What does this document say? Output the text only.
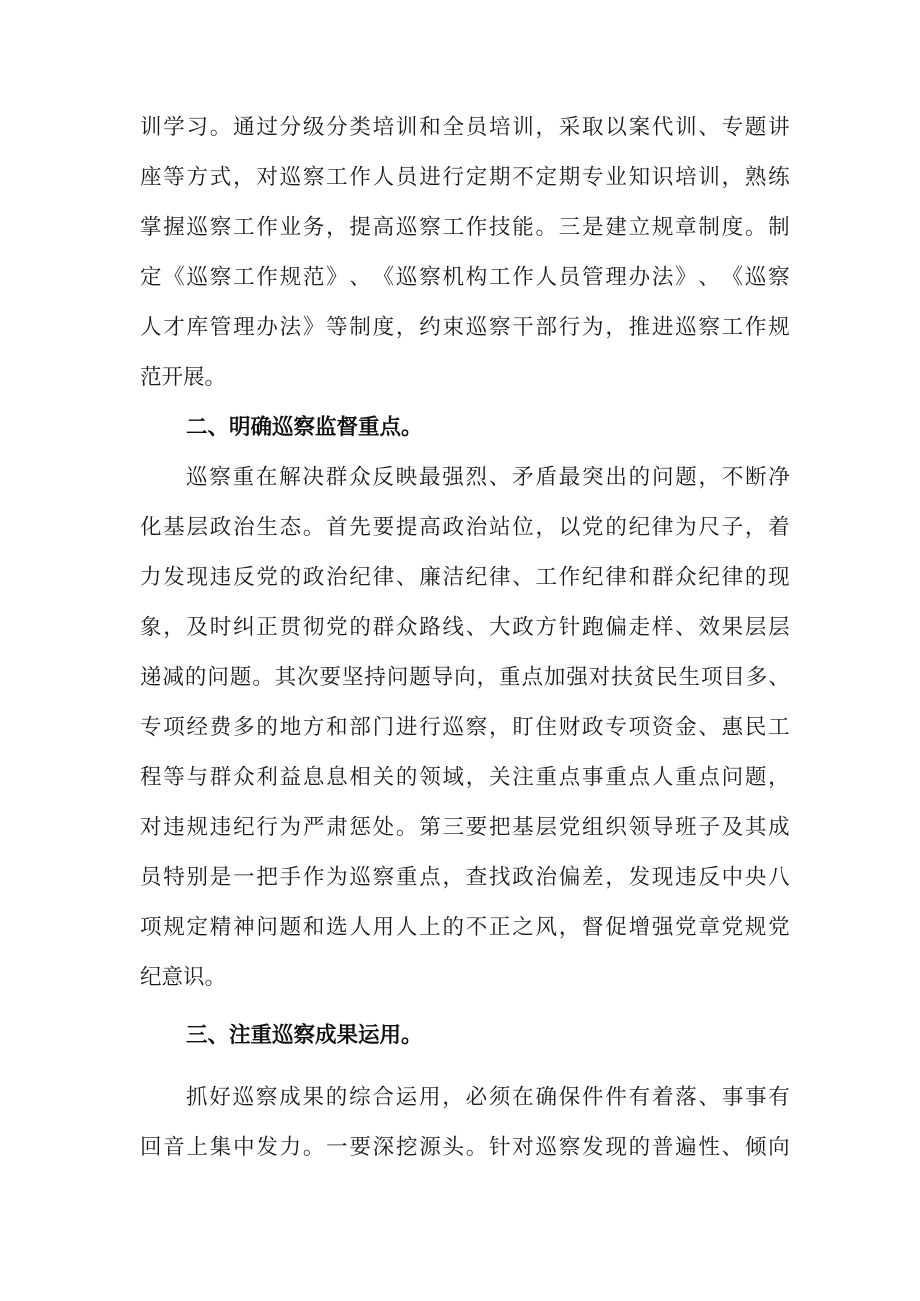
训 学 习 。 通 过 分 级 分 类 培 训 和 全 员 培 训 ， 采 取 以 案 代 训 、 专 题 讲
座 等 方 式 ， 对 巡 察 工 作 人 员 进 行 定 期 不 定 期 专 业 知 识 培 训 ， 熟 练
掌 握 巡 察 工 作 业 务 ， 提 高 巡 察 工 作 技 能 。 三 是 建 立 规 章 制 度 。 制
定 《 巡 察 工 作 规 范 》 、 《 巡 察 机 构 工 作 人 员 管 理 办 法 》 、 《 巡 察
人 才 库 管 理 办 法 》 等 制 度 ， 约 束 巡 察 干 部 行 为 ， 推 进 巡 察 工 作 规
范开展。
二、明确巡察监督重点。
巡 察 重 在 解 决 群 众 反 映 最 强 烈 、 矛 盾 最 突 出 的 问 题 ， 不 断 净
化 基 层 政 治 生 态 。 首 先 要 提 高 政 治 站 位 ， 以 党 的 纪 律 为 尺 子 ， 着
力 发 现 违 反 党 的 政 治 纪 律 、 廉 洁 纪 律 、 工 作 纪 律 和 群 众 纪 律 的 现
象 ， 及 时 纠 正 贯 彻 党 的 群 众 路 线 、 大 政 方 针 跑 偏 走 样 、 效 果 层 层
递 减 的 问 题 。 其 次 要 坚 持 问 题 导 向 ， 重 点 加 强 对 扶 贫 民 生 项 目 多 、
专 项 经 费 多 的 地 方 和 部 门 进 行 巡 察 ， 盯 住 财 政 专 项 资 金 、 惠 民 工
程 等 与 群 众 利 益 息 息 相 关 的 领 域 ， 关 注 重 点 事 重 点 人 重 点 问 题 ，
对 违 规 违 纪 行 为 严 肃 惩 处 。 第 三 要 把 基 层 党 组 织 领 导 班 子 及 其 成
员 特 别 是 一 把 手 作 为 巡 察 重 点 ， 查 找 政 治 偏 差 ， 发 现 违 反 中 央 八
项 规 定 精 神 问 题 和 选 人 用 人 上 的 不 正 之 风 ， 督 促 增 强 党 章 党 规 党
纪意识。
三、注重巡察成果运用。
抓 好 巡 察 成 果 的 综 合 运 用 ， 必 须 在 确 保 件 件 有 着 落 、 事 事 有
回 音 上 集 中 发 力 。 一 要 深 挖 源 头 。 针 对 巡 察 发 现 的 普 遍 性 、 倾 向
